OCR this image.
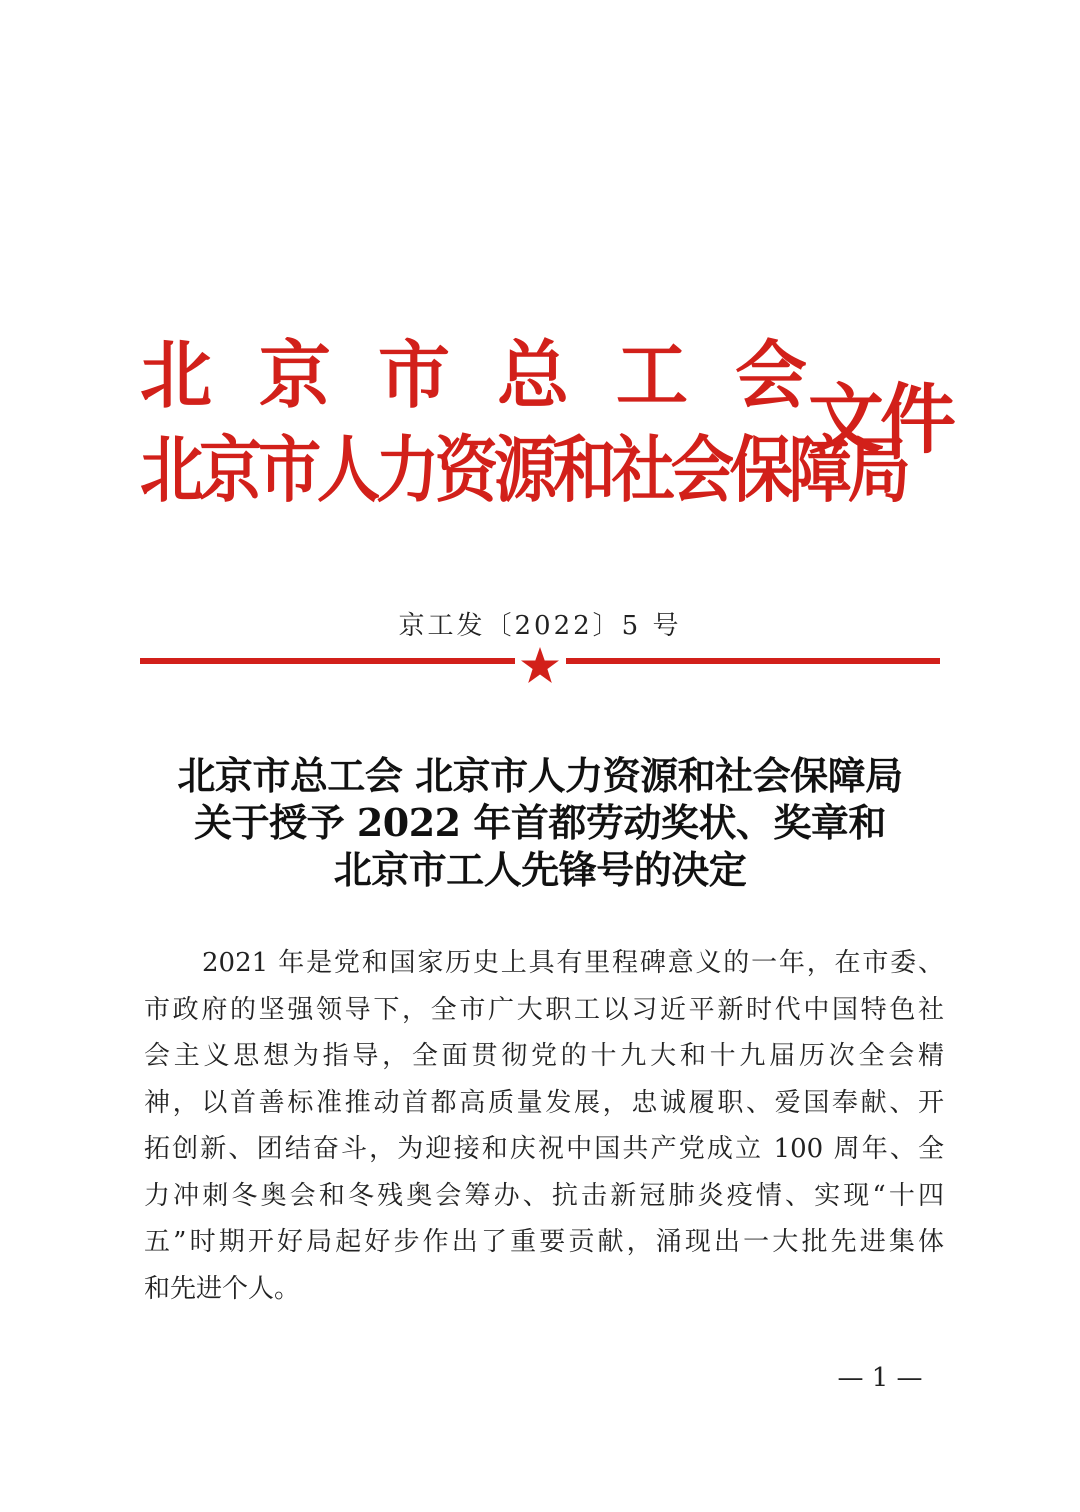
北京市总工会
北京市人力资源和社会保障局
文件
京工发〔2022〕5 号
北京市总工会 北京市人力资源和社会保障局
关于授予 2022 年首都劳动奖状、奖章和
北京市工人先锋号的决定
2021 年是党和国家历史上具有里程碑意义的一年，在市委、
市政府的坚强领导下，全市广大职工以习近平新时代中国特色社
会主义思想为指导，全面贯彻党的十九大和十九届历次全会精
神，以首善标准推动首都高质量发展，忠诚履职、爱国奉献、开
拓创新、团结奋斗，为迎接和庆祝中国共产党成立 100 周年、全
力冲刺冬奥会和冬残奥会筹办、抗击新冠肺炎疫情、实现“十四
五”时期开好局起好步作出了重要贡献，涌现出一大批先进集体
和先进个人。
— 1 —
